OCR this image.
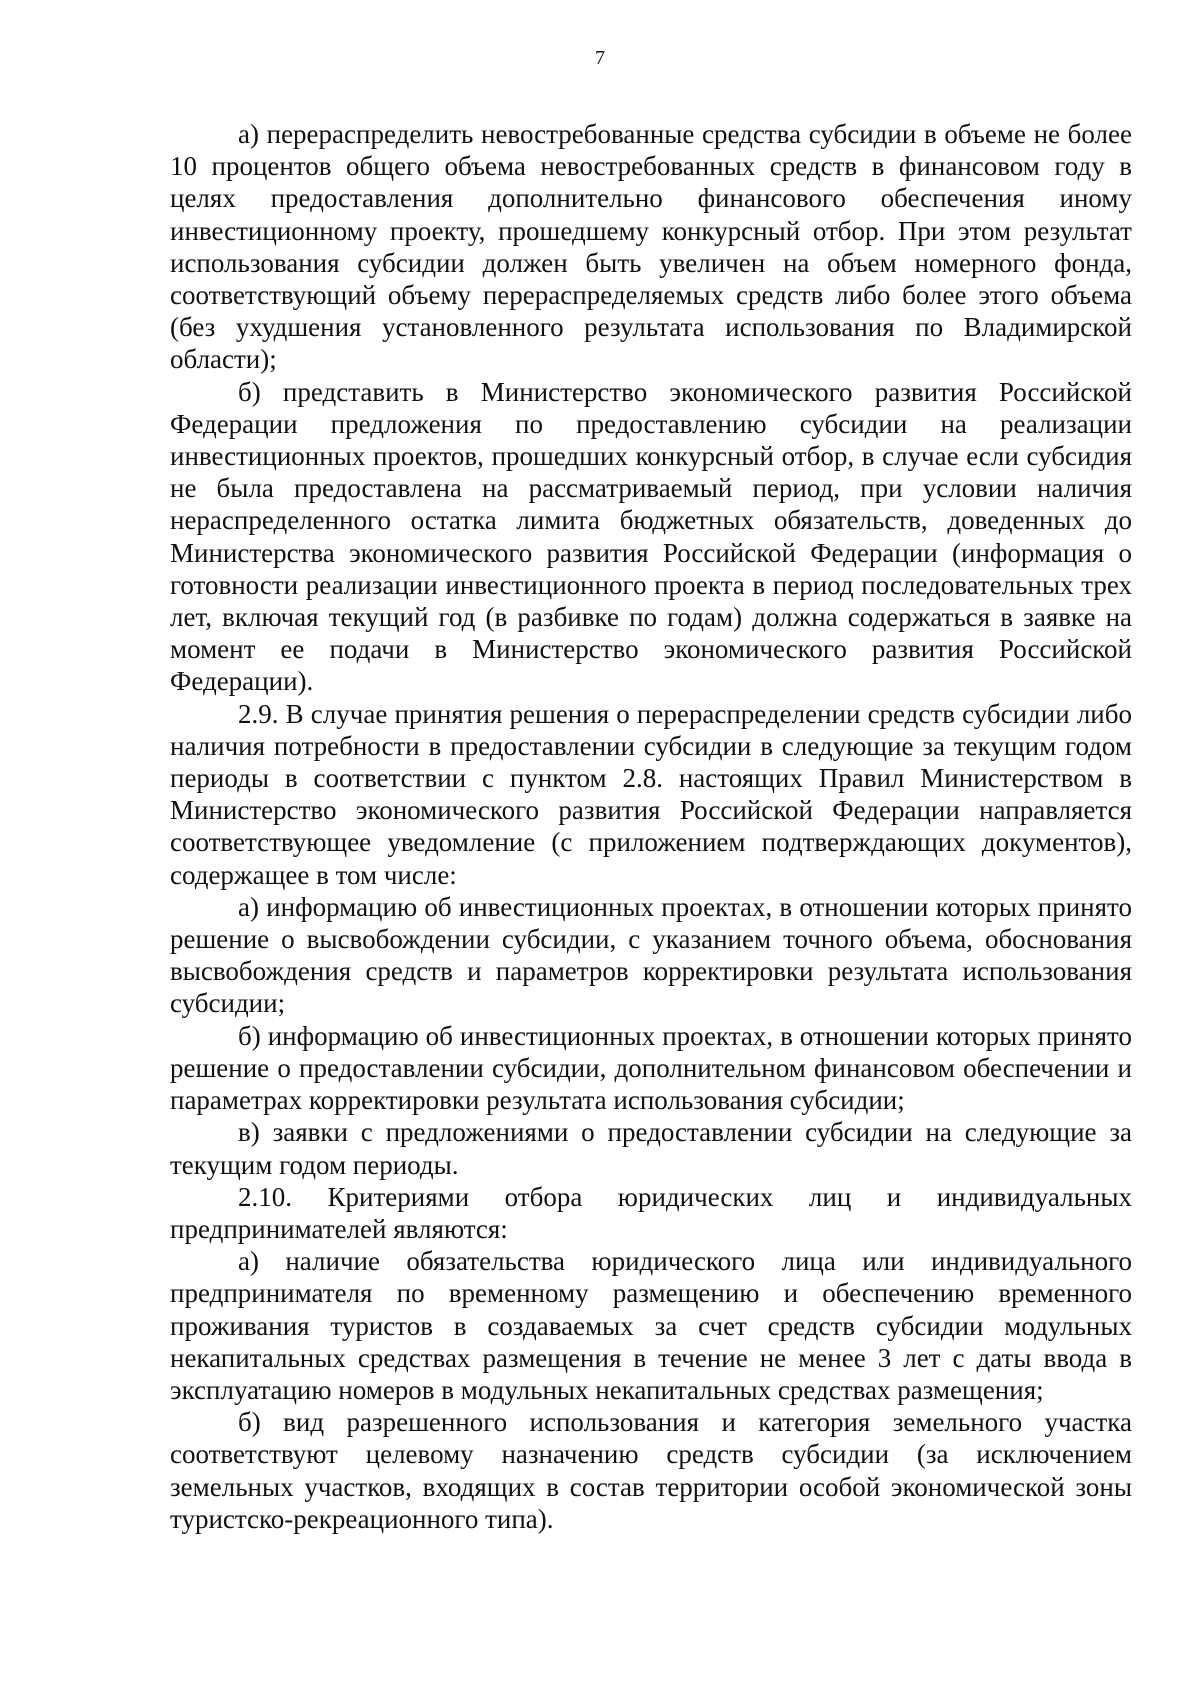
7

а) перераспределить невостребованные средства субсидии в объеме не более 10 процентов общего объема невостребованных средств в финансовом году в целях предоставления дополнительно финансового обеспечения иному инвестиционному проекту, прошедшему конкурсный отбор. При этом результат использования субсидии должен быть увеличен на объем номерного фонда, соответствующий объему перераспределяемых средств либо более этого объема (без ухудшения установленного результата использования по Владимирской области);

б) представить в Министерство экономического развития Российской Федерации предложения по предоставлению субсидии на реализации инвестиционных проектов, прошедших конкурсный отбор, в случае если субсидия не была предоставлена на рассматриваемый период, при условии наличия нераспределенного остатка лимита бюджетных обязательств, доведенных до Министерства экономического развития Российской Федерации (информация о готовности реализации инвестиционного проекта в период последовательных трех лет, включая текущий год (в разбивке по годам) должна содержаться в заявке на момент ее подачи в Министерство экономического развития Российской Федерации).

2.9. В случае принятия решения о перераспределении средств субсидии либо наличия потребности в предоставлении субсидии в следующие за текущим годом периоды в соответствии с пунктом 2.8. настоящих Правил Министерством в Министерство экономического развития Российской Федерации направляется соответствующее уведомление (с приложением подтверждающих документов), содержащее в том числе:

а) информацию об инвестиционных проектах, в отношении которых принято решение о высвобождении субсидии, с указанием точного объема, обоснования высвобождения средств и параметров корректировки результата использования субсидии;

б) информацию об инвестиционных проектах, в отношении которых принято решение о предоставлении субсидии, дополнительном финансовом обеспечении и параметрах корректировки результата использования субсидии;

в) заявки с предложениями о предоставлении субсидии на следующие за текущим годом периоды.

2.10. Критериями отбора юридических лиц и индивидуальных предпринимателей являются:

а) наличие обязательства юридического лица или индивидуального предпринимателя по временному размещению и обеспечению временного проживания туристов в создаваемых за счет средств субсидии модульных некапитальных средствах размещения в течение не менее 3 лет с даты ввода в эксплуатацию номеров в модульных некапитальных средствах размещения;

б) вид разрешенного использования и категория земельного участка соответствуют целевому назначению средств субсидии (за исключением земельных участков, входящих в состав территории особой экономической зоны туристско-рекреационного типа).
